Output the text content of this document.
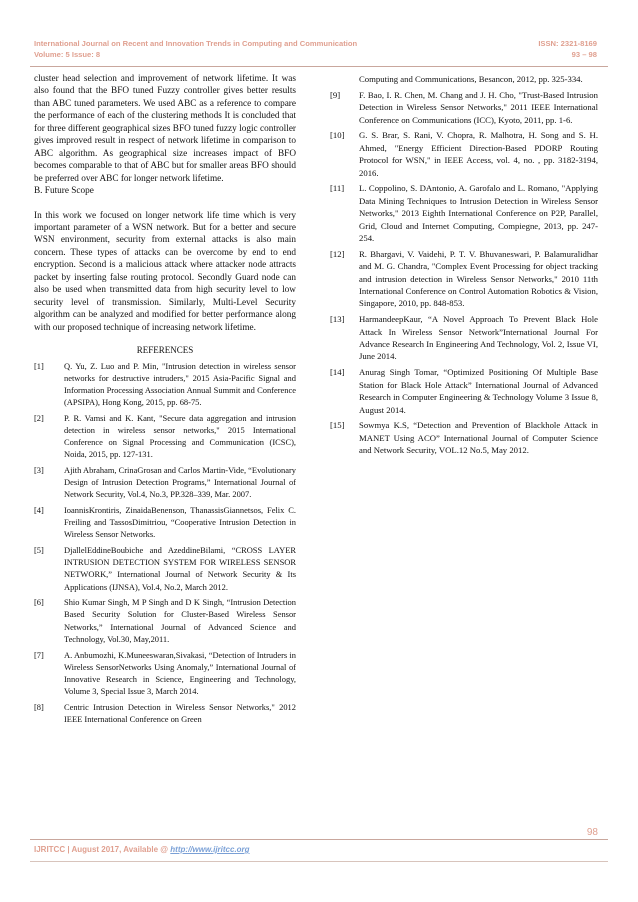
International Journal on Recent and Innovation Trends in Computing and Communication
Volume: 5 Issue: 8
ISSN: 2321-8169
93 – 98

cluster head selection and improvement of network lifetime. It was also found that the BFO tuned Fuzzy controller gives better results than ABC tuned parameters. We used ABC as a reference to compare the performance of each of the clustering methods It is concluded that for three different geographical sizes BFO tuned fuzzy logic controller gives improved result in respect of network lifetime in comparison to ABC algorithm. As geographical size increases impact of BFO becomes comparable to that of ABC but for smaller areas BFO should be preferred over ABC for longer network lifetime.

B. Future Scope

In this work we focused on longer network life time which is very important parameter of a WSN network. But for a better and secure WSN environment, security from external attacks is also main concern. These types of attacks can be overcome by end to end encryption. Second is a malicious attack where attacker node attracts packet by inserting false routing protocol. Secondly Guard node can also be used when transmitted data from high security level to low security level of transmission. Similarly, Multi-Level Security algorithm can be analyzed and modified for better performance along with our proposed technique of increasing network lifetime.

REFERENCES
[1]	Q. Yu, Z. Luo and P. Min, "Intrusion detection in wireless sensor networks for destructive intruders," 2015 Asia-Pacific Signal and Information Processing Association Annual Summit and Conference (APSIPA), Hong Kong, 2015, pp. 68-75.
[2]	P. R. Vamsi and K. Kant, "Secure data aggregation and intrusion detection in wireless sensor networks," 2015 International Conference on Signal Processing and Communication (ICSC), Noida, 2015, pp. 127-131.
[3]	Ajith Abraham, CrinaGrosan and Carlos Martin-Vide, “Evolutionary Design of Intrusion Detection Programs,” International Journal of Network Security, Vol.4, No.3, PP.328–339, Mar. 2007.
[4]	IoannisKrontiris, ZinaidaBenenson, ThanassisGiannetsos, Felix C. Freiling and TassosDimitriou, “Cooperative Intrusion Detection in Wireless Sensor Networks.
[5]	DjallelEddineBoubiche and AzeddineBilami, “CROSS LAYER INTRUSION DETECTION SYSTEM FOR WIRELESS SENSOR NETWORK,” International Journal of Network Security & Its Applications (IJNSA), Vol.4, No.2, March 2012.
[6]	Shio Kumar Singh, M P Singh and D K Singh, “Intrusion Detection Based Security Solution for Cluster-Based Wireless Sensor Networks,” International Journal of Advanced Science and Technology, Vol.30, May,2011.
[7]	A. Anbumozhi, K.Muneeswaran,Sivakasi, “Detection of Intruders in Wireless SensorNetworks Using Anomaly,” International Journal of Innovative Research in Science, Engineering and Technology, Volume 3, Special Issue 3, March 2014.
[8]	Centric Intrusion Detection in Wireless Sensor Networks," 2012 IEEE International Conference on Green
Computing and Communications, Besancon, 2012, pp. 325-334.
[9]	F. Bao, I. R. Chen, M. Chang and J. H. Cho, "Trust-Based Intrusion Detection in Wireless Sensor Networks," 2011 IEEE International Conference on Communications (ICC), Kyoto, 2011, pp. 1-6.
[10]	G. S. Brar, S. Rani, V. Chopra, R. Malhotra, H. Song and S. H. Ahmed, "Energy Efficient Direction-Based PDORP Routing Protocol for WSN," in IEEE Access, vol. 4, no. , pp. 3182-3194, 2016.
[11]	L. Coppolino, S. DAntonio, A. Garofalo and L. Romano, "Applying Data Mining Techniques to Intrusion Detection in Wireless Sensor Networks," 2013 Eighth International Conference on P2P, Parallel, Grid, Cloud and Internet Computing, Compiegne, 2013, pp. 247-254.
[12]	R. Bhargavi, V. Vaidehi, P. T. V. Bhuvaneswari, P. Balamuralidhar and M. G. Chandra, "Complex Event Processing for object tracking and intrusion detection in Wireless Sensor Networks," 2010 11th International Conference on Control Automation Robotics & Vision, Singapore, 2010, pp. 848-853.
[13]	HarmandeepKaur, “A Novel Approach To Prevent Black Hole Attack In Wireless Sensor Network”International Journal For Advance Research In Engineering And Technology, Vol. 2, Issue VI, June 2014.
[14]	Anurag Singh Tomar, “Optimized Positioning Of Multiple Base Station for Black Hole Attack” International Journal of Advanced Research in Computer Engineering & Technology Volume 3 Issue 8, August 2014.
[15]	Sowmya K.S, “Detection and Prevention of Blackhole Attack in MANET Using ACO” International Journal of Computer Science and Network Security, VOL.12 No.5, May 2012.
98
IJRITCC | August 2017, Available @ http://www.ijritcc.org
